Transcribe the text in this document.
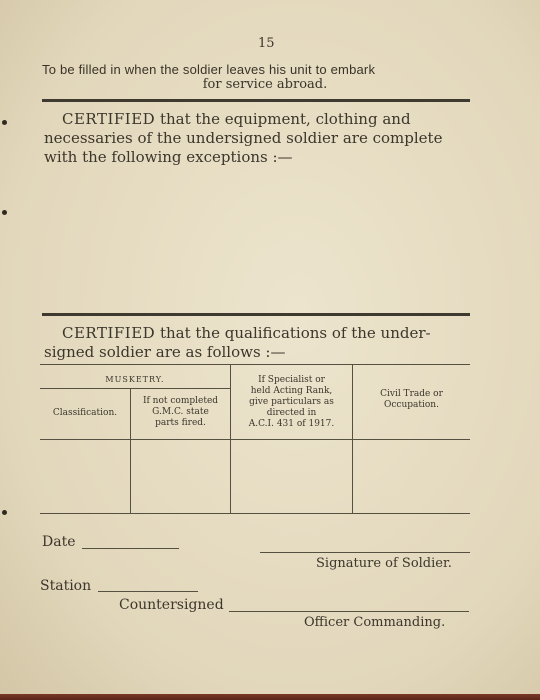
15
To be filled in when the soldier leaves his unit to embark
for service abroad.
CERTIFIED that the equipment, clothing and
necessaries of the undersigned soldier are complete
with the following exceptions :—
CERTIFIED that the qualifications of the under-
signed soldier are as follows :—
MUSKETRY.
Classification.
If not completed
G.M.C. state
parts fired.
If Specialist or
held Acting Rank,
give particulars as
directed in
A.C.I. 431 of 1917.
Civil Trade or
Occupation.
Date
Signature of Soldier.
Station
Countersigned
Officer Commanding.
